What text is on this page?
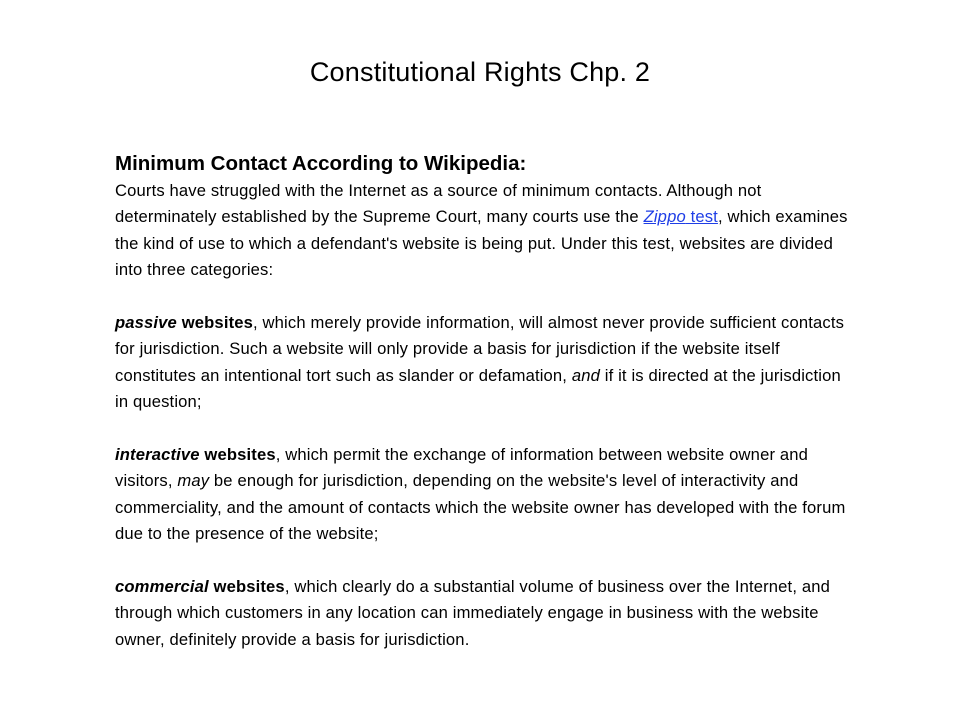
Constitutional Rights Chp. 2
Minimum Contact According to Wikipedia:
Courts have struggled with the Internet as a source of minimum contacts. Although not determinately established by the Supreme Court, many courts use the Zippo test, which examines the kind of use to which a defendant's website is being put. Under this test, websites are divided into three categories:
passive websites, which merely provide information, will almost never provide sufficient contacts for jurisdiction. Such a website will only provide a basis for jurisdiction if the website itself constitutes an intentional tort such as slander or defamation, and if it is directed at the jurisdiction in question;
interactive websites, which permit the exchange of information between website owner and visitors, may be enough for jurisdiction, depending on the website's level of interactivity and commerciality, and the amount of contacts which the website owner has developed with the forum due to the presence of the website;
commercial websites, which clearly do a substantial volume of business over the Internet, and through which customers in any location can immediately engage in business with the website owner, definitely provide a basis for jurisdiction.
